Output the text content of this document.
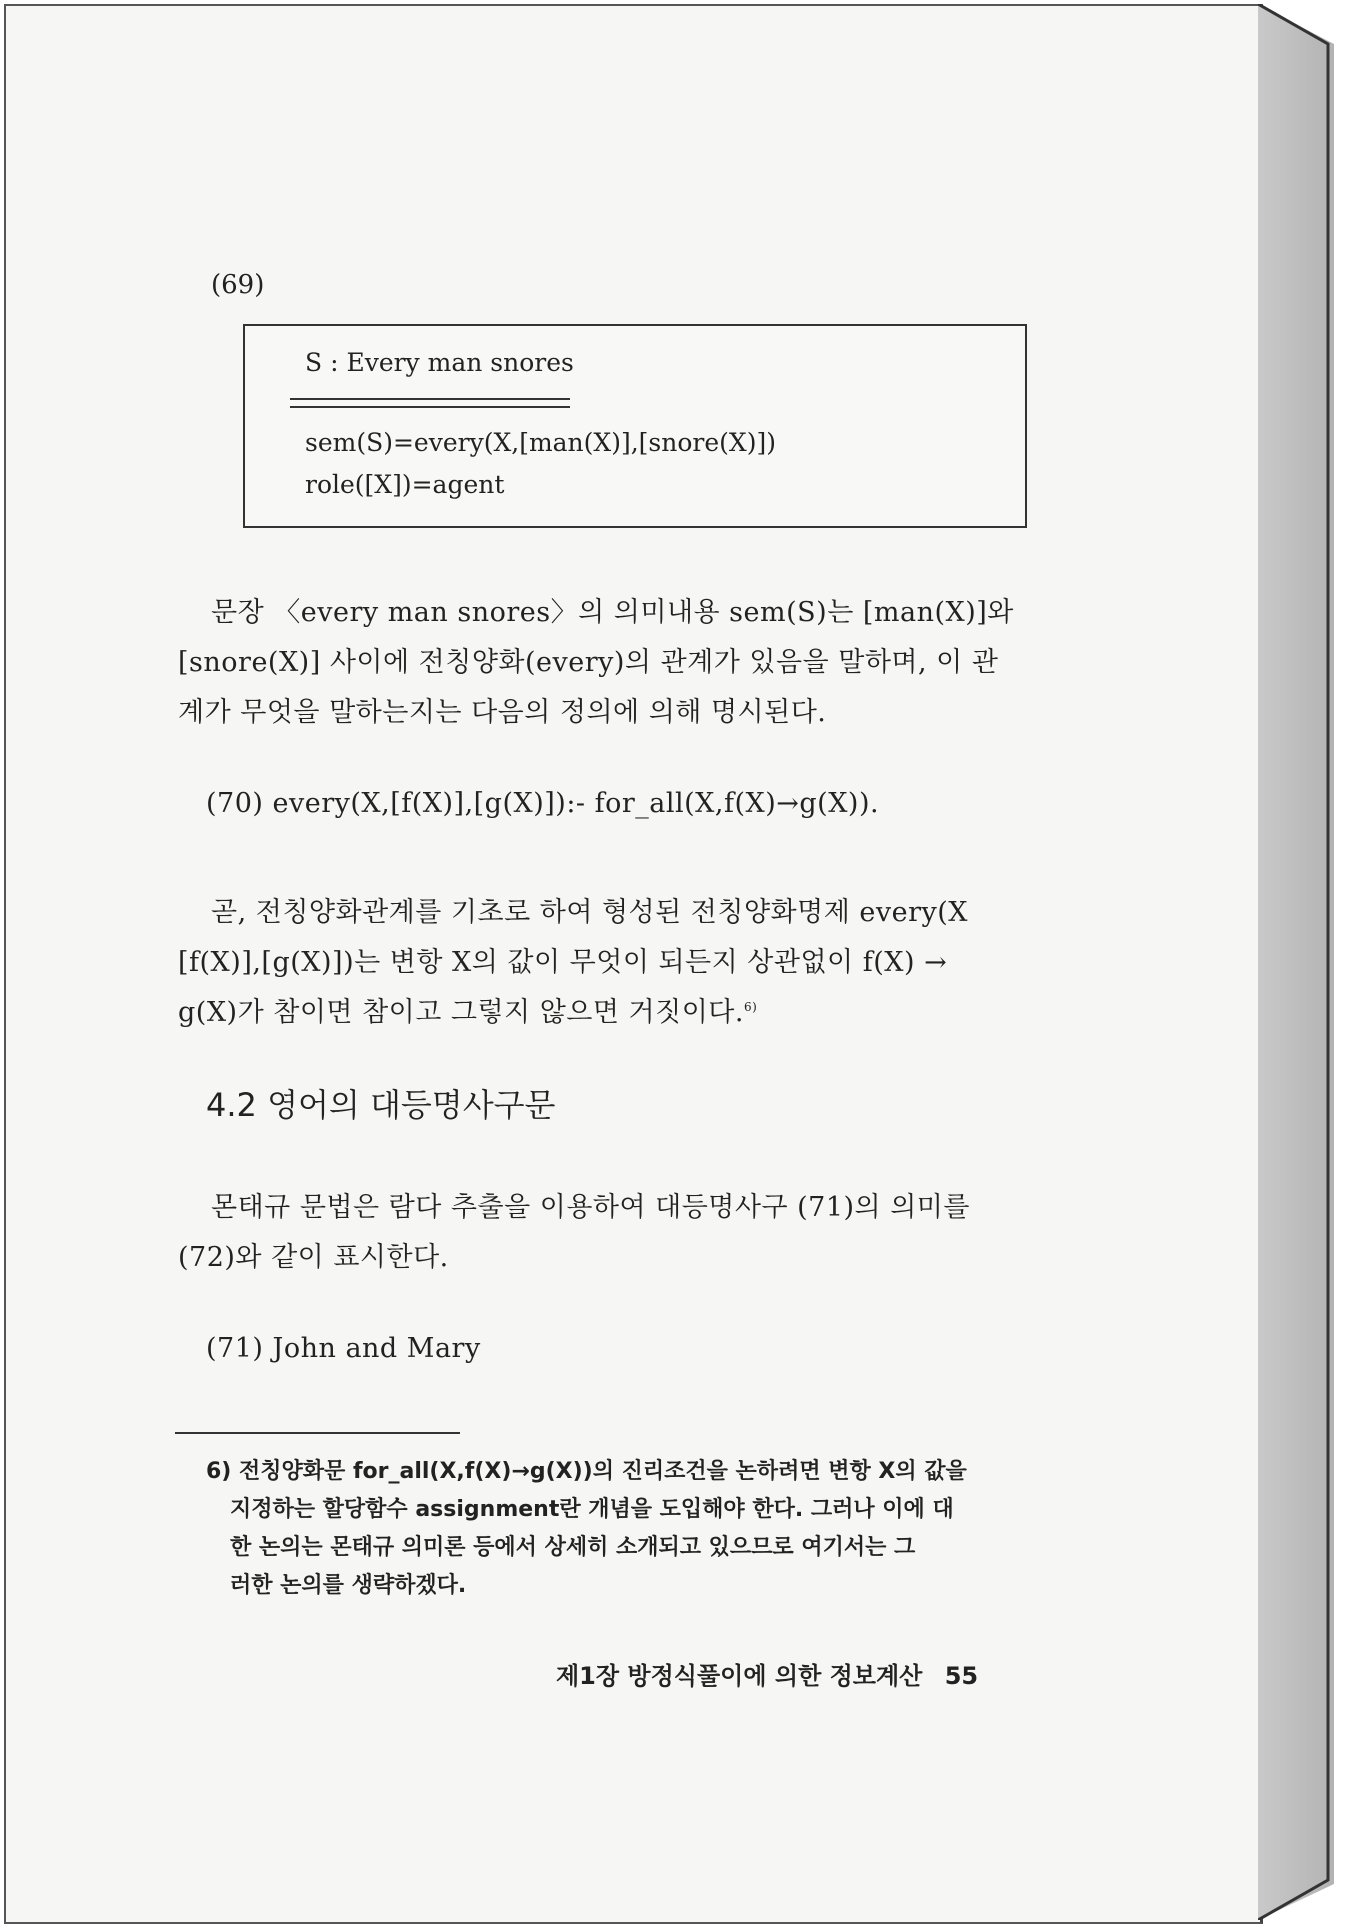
(69)
S : Every man snores
sem(S)=every(X,[man(X)],[snore(X)])
role([X])=agent
문장 〈every man snores〉의 의미내용 sem(S)는 [man(X)]와
[snore(X)] 사이에 전칭양화(every)의 관계가 있음을 말하며, 이 관
계가 무엇을 말하는지는 다음의 정의에 의해 명시된다.
(70) every(X,[f(X)],[g(X)]):- for_all(X,f(X)→g(X)).
곧, 전칭양화관계를 기초로 하여 형성된 전칭양화명제 every(X
[f(X)],[g(X)])는 변항 X의 값이 무엇이 되든지 상관없이 f(X) →
g(X)가 참이면 참이고 그렇지 않으면 거짓이다.$^{6)}$
4.2 영어의 대등명사구문
몬태규 문법은 람다 추출을 이용하여 대등명사구 (71)의 의미를
(72)와 같이 표시한다.
(71) John and Mary
6) 전칭양화문 for_all(X,f(X)→g(X))의 진리조건을 논하려면 변항 X의 값을
지정하는 할당함수 assignment란 개념을 도입해야 한다. 그러나 이에 대
한 논의는 몬태규 의미론 등에서 상세히 소개되고 있으므로 여기서는 그
러한 논의를 생략하겠다.
제1장 방정식풀이에 의한 정보계산 55
